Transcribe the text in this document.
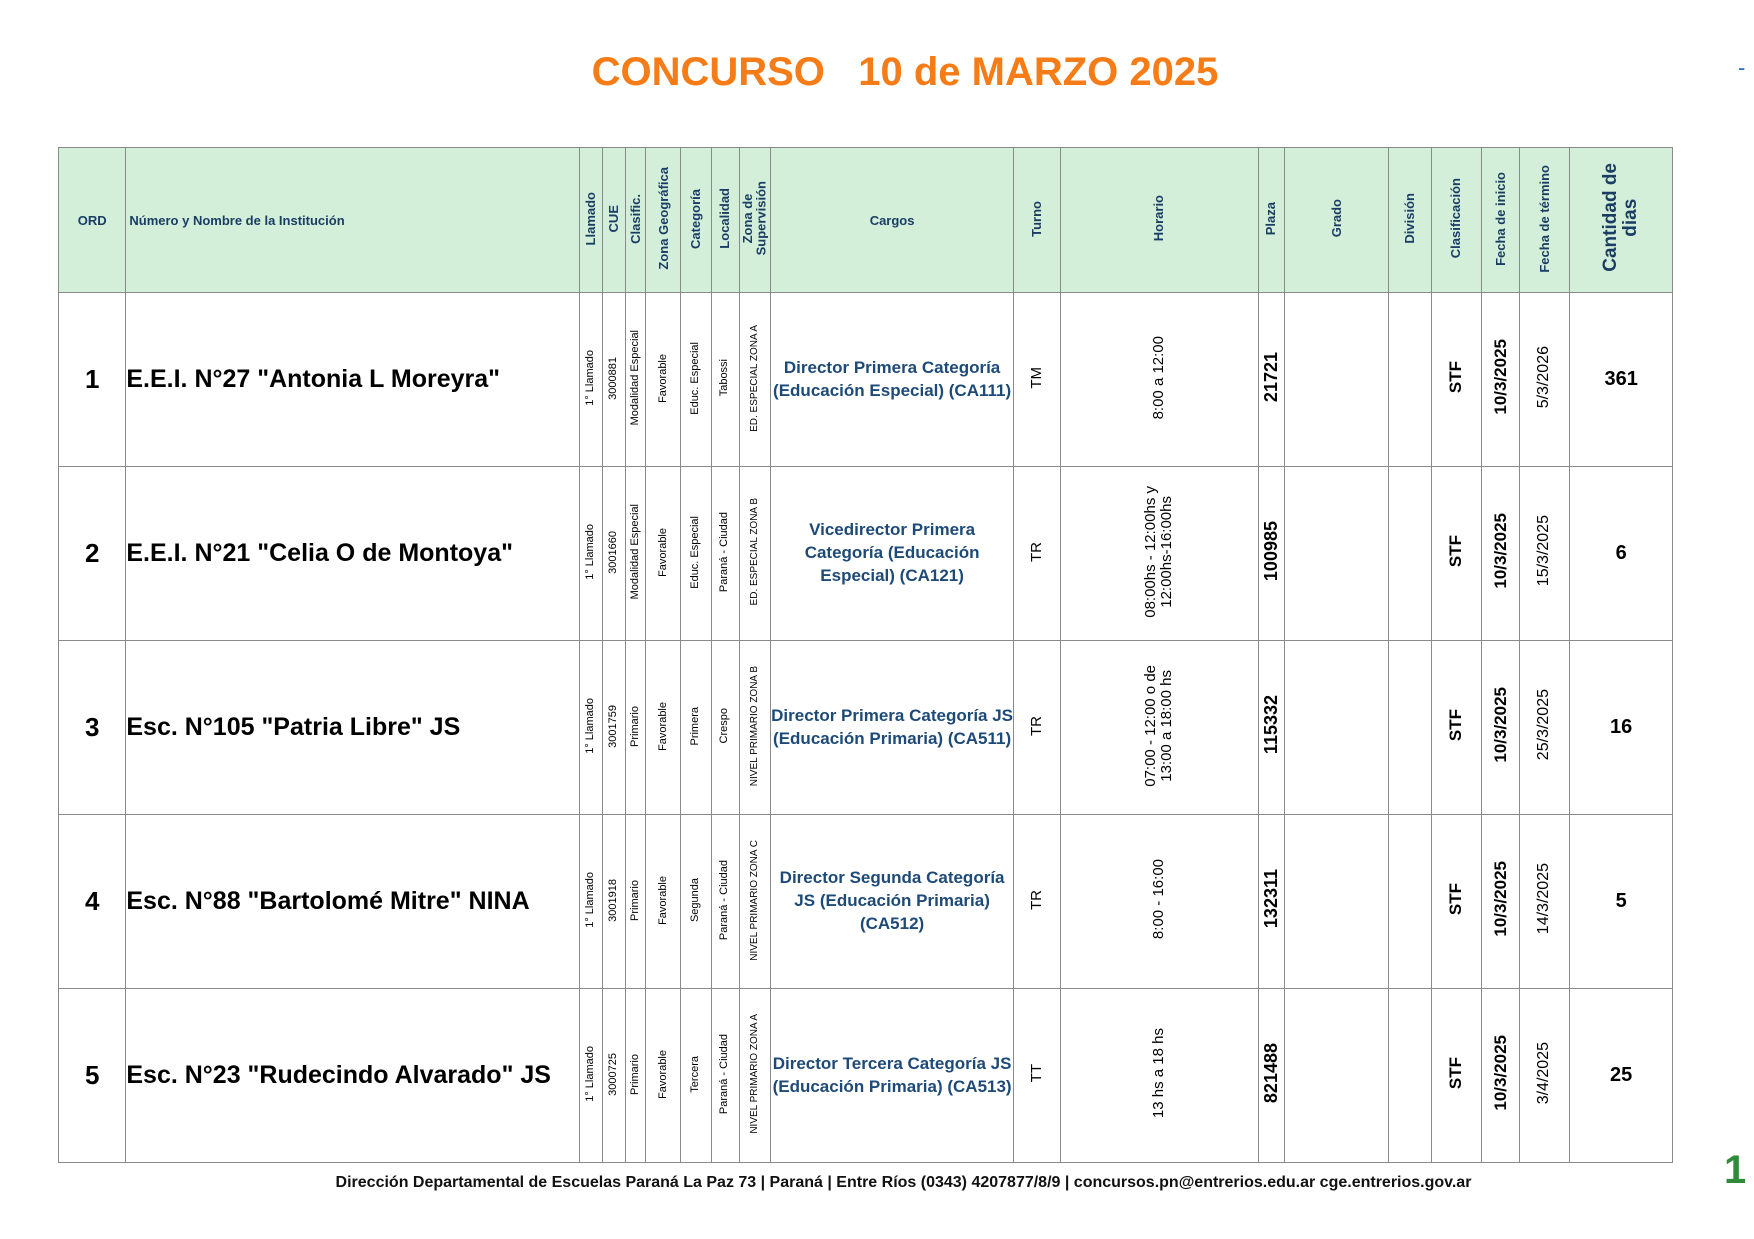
CONCURSO   10 de MARZO 2025	-
ORD	Número y Nombre de la Institución	Llamado	CUE	Clasific.	Zona Geográfica	Categoría	Localidad	Zona de
Supervisión	Cargos	Turno	Horario	Plaza	Grado	División	Clasificación	Fecha de inicio	Fecha de término	Cantidad de
dias
1	E.E.I. N°27 "Antonia L Moreyra"	1° Llamado	3000881	Modalidad Especial	Favorable	Educ. Especial	Tabossi	ED. ESPECIAL ZONA A	Director Primera Categoría (Educación Especial) (CA111)	TM	8:00 a 12:00	21721			STF	10/3/2025	5/3/2026	361
2	E.E.I. N°21 "Celia O de Montoya"	1° Llamado	3001660	Modalidad Especial	Favorable	Educ. Especial	Paraná - Ciudad	ED. ESPECIAL ZONA B	Vicedirector Primera Categoría (Educación Especial) (CA121)	TR	08:00hs - 12:00hs y
12:00hs-16:00hs	100985			STF	10/3/2025	15/3/2025	6
3	Esc. N°105 "Patria Libre" JS	1° Llamado	3001759	Primario	Favorable	Primera	Crespo	NIVEL PRIMARIO ZONA B	Director Primera Categoría JS (Educación Primaria) (CA511)	TR	07:00 - 12:00 o de
13:00 a 18:00 hs	115332			STF	10/3/2025	25/3/2025	16
4	Esc. N°88 "Bartolomé Mitre" NINA	1° Llamado	3001918	Primario	Favorable	Segunda	Paraná - Ciudad	NIVEL PRIMARIO ZONA C	Director Segunda Categoría JS (Educación Primaria) (CA512)	TR	8:00 - 16:00	132311			STF	10/3/2025	14/3/2025	5
5	Esc. N°23 "Rudecindo Alvarado" JS	1° Llamado	3000725	Primario	Favorable	Tercera	Paraná - Ciudad	NIVEL PRIMARIO ZONA A	Director Tercera Categoría JS (Educación Primaria) (CA513)	TT	13 hs a 18 hs	821488			STF	10/3/2025	3/4/2025	25
Dirección Departamental de Escuelas Paraná La Paz 73 | Paraná | Entre Ríos (0343) 4207877/8/9 | concursos.pn@entrerios.edu.ar cge.entrerios.gov.ar	1
